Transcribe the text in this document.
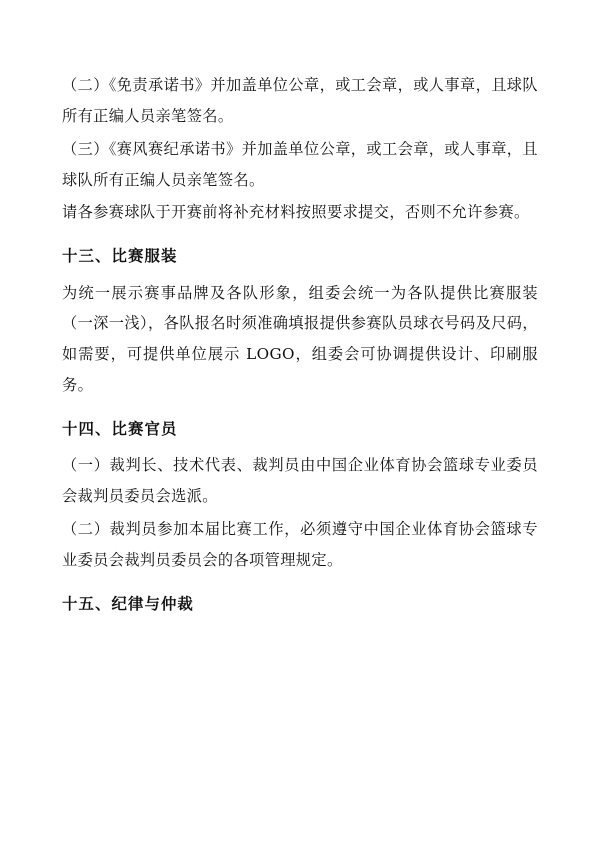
（二）《免责承诺书》并加盖单位公章，或工会章，或人事章，且球队所有正编人员亲笔签名。

（三）《赛风赛纪承诺书》并加盖单位公章，或工会章，或人事章，且球队所有正编人员亲笔签名。

请各参赛球队于开赛前将补充材料按照要求提交，否则不允许参赛。

十三、比赛服装

为统一展示赛事品牌及各队形象，组委会统一为各队提供比赛服装（一深一浅），各队报名时须准确填报提供参赛队员球衣号码及尺码，如需要，可提供单位展示 LOGO，组委会可协调提供设计、印刷服务。

十四、比赛官员

（一）裁判长、技术代表、裁判员由中国企业体育协会篮球专业委员会裁判员委员会选派。

（二）裁判员参加本届比赛工作，必须遵守中国企业体育协会篮球专业委员会裁判员委员会的各项管理规定。

十五、纪律与仲裁
